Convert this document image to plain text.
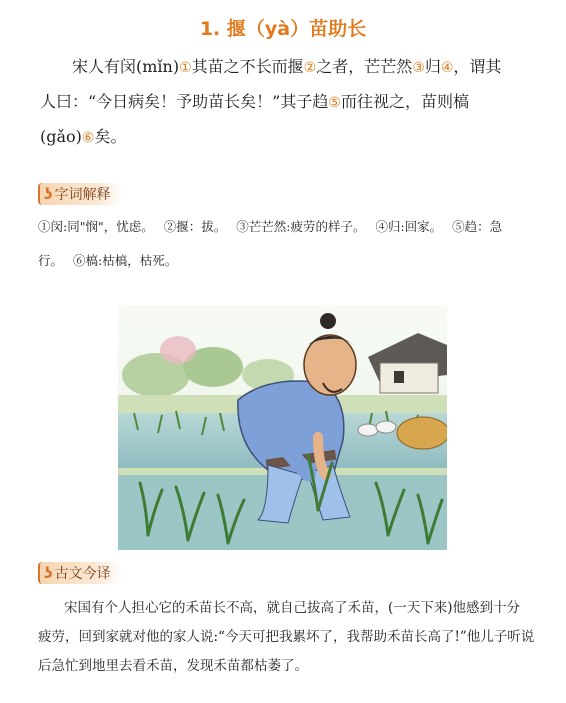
1. 揠（yà）苗助长
宋人有闵(mǐn)①其苗之不长而揠②之者，芒芒然③归④，谓其
人曰：“今日病矣！予助苗长矣！”其子趋⑤而往视之，苗则槁
(gǎo)⑥矣。
ʖ 字词解释
①闵:同"悯"，忧虑。 ②揠：拔。 ③芒芒然:疲劳的样子。 ④归:回家。 ⑤趋：急
行。 ⑥槁:枯槁，枯死。
ʖ 古文今译
宋国有个人担心它的禾苗长不高，就自己拔高了禾苗，(一天下来)他感到十分
疲劳，回到家就对他的家人说:“今天可把我累坏了，我帮助禾苗长高了!”他儿子听说
后急忙到地里去看禾苗，发现禾苗都枯萎了。
